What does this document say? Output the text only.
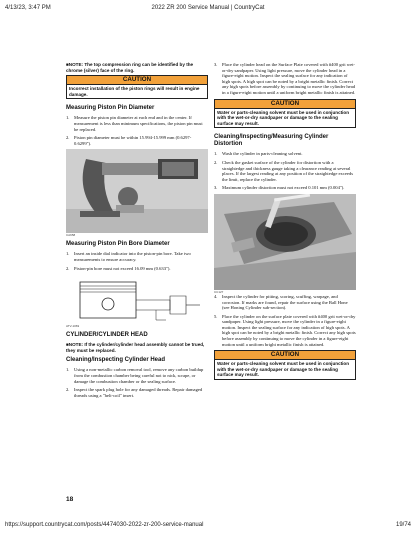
4/13/23, 3:47 PM	2022 ZR 200 Service Manual | CountryCat
■NOTE: The top compression ring can be identified by the chrome (silver) face of the ring.
CAUTION
Incorrect installation of the piston rings will result in engine damage.
Measuring Piston Pin Diameter
1. Measure the piston pin diameter at each end and in the center. If measurement is less than minimum specifications, the piston pin must be replaced.
2. Piston pin diameter must be within 15.994-15.999 mm (0.6297-0.6299").
CA658
Measuring Piston Pin Bore Diameter
1. Insert an inside dial indicator into the piston-pin bore. Take two measurements to ensure accuracy.
2. Piston-pin bore must not exceed 16.09 mm (0.633").
ATV-1069
CYLINDER/CYLINDER HEAD
■NOTE: If the cylinder/cylinder head assembly cannot be trued, they must be replaced.
Cleaning/Inspecting Cylinder Head
1. Using a non-metallic carbon removal tool, remove any carbon buildup from the combustion chamber being careful not to nick, scrape, or damage the combustion chamber or the sealing surface.
2. Inspect the spark plug hole for any damaged threads. Repair damaged threads using a "heli-coil" insert.
3. Place the cylinder head on the Surface Plate covered with #400 grit wet-or-dry sandpaper. Using light pressure, move the cylinder head in a figure-eight motion. Inspect the sealing surface for any indication of high spots. A high spot can be noted by a bright metallic finish. Correct any high spots before assembly by continuing to move the cylinder head in a figure-eight motion until a uniform bright metallic finish is attained.
CAUTION
Water or parts-cleaning solvent must be used in conjunction with the wet-or-dry sandpaper or damage to the sealing surface may result.
Cleaning/Inspecting/Measuring Cylinder Distortion
1. Wash the cylinder in parts-cleaning solvent.
2. Check the gasket surface of the cylinder for distortion with a straightedge and thickness gauge taking a clearance reading at several places. If the largest reading at any position of the straightedge exceeds the limit, replace the cylinder.
3. Maximum cylinder distortion must not exceed 0.101 mm (0.004").
CC127
4. Inspect the cylinder for pitting, scoring, scuffing, warpage, and corrosion. If marks are found, repair the surface using the Ball Hone (see Honing Cylinder sub-section).
5. Place the cylinder on the surface plate covered with #400 grit wet-or-dry sandpaper. Using light pressure, move the cylinder in a figure-eight motion. Inspect the sealing surface for any indication of high spots. A high spot can be noted by a bright metallic finish. Correct any high spots before assembly by continuing to move the cylinder in a figure-eight motion until a uniform bright metallic finish is attained.
CAUTION
Water or parts-cleaning solvent must be used in conjunction with the wet-or-dry sandpaper or damage to the sealing surface may result.
18
https://support.countrycat.com/posts/4474030-2022-zr-200-service-manual	19/74
